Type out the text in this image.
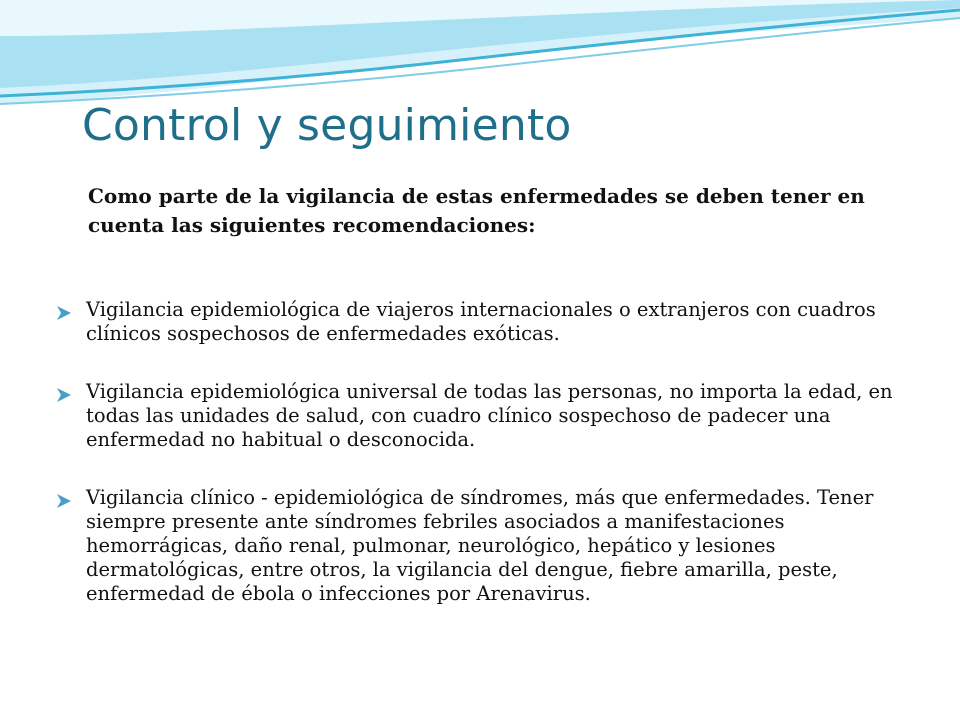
Control y seguimiento
Como parte de la vigilancia de estas enfermedades se deben tener en cuenta las siguientes recomendaciones:
Vigilancia epidemiológica de viajeros internacionales o extranjeros con cuadros clínicos sospechosos de enfermedades exóticas.
Vigilancia epidemiológica universal de todas las personas, no importa la edad, en todas las unidades de salud, con cuadro clínico sospechoso de padecer una enfermedad no habitual o desconocida.
Vigilancia clínico - epidemiológica de síndromes, más que enfermedades. Tener siempre presente ante síndromes febriles asociados a manifestaciones hemorrágicas, daño renal, pulmonar, neurológico, hepático y lesiones dermatológicas, entre otros, la vigilancia del dengue, fiebre amarilla, peste, enfermedad de ébola o infecciones por Arenavirus.
